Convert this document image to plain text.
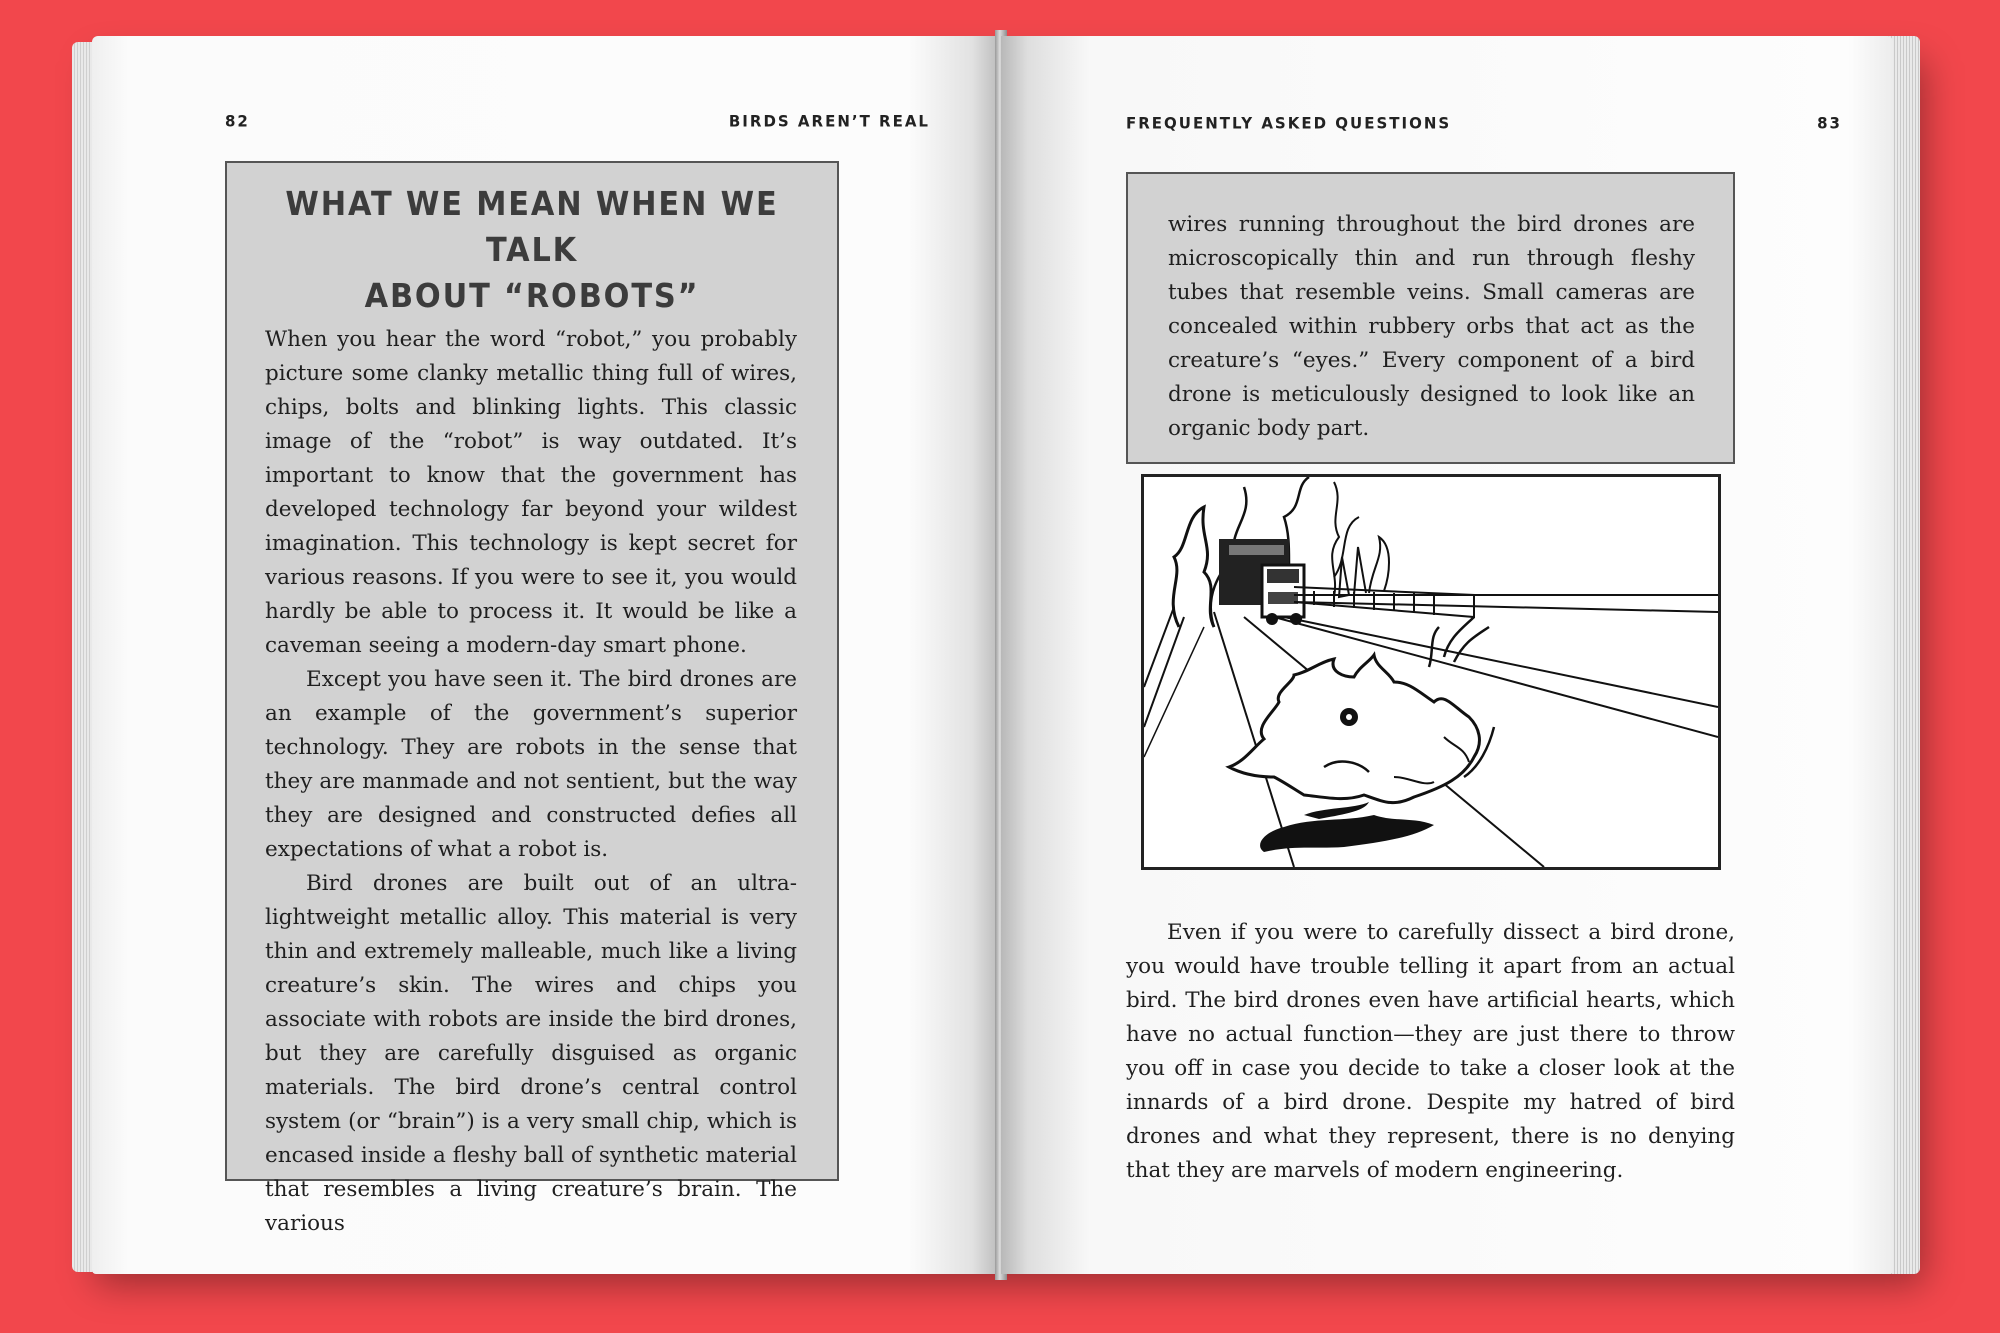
82	BIRDS AREN’T REAL
WHAT WE MEAN WHEN WE TALK
ABOUT “ROBOTS”

When you hear the word “robot,” you probably picture some clanky metallic thing full of wires, chips, bolts and blinking lights. This classic image of the “robot” is way outdated. It’s important to know that the government has developed technology far beyond your wildest imagination. This technology is kept secret for various reasons. If you were to see it, you would hardly be able to process it. It would be like a caveman seeing a modern-day smart phone.

Except you have seen it. The bird drones are an example of the government’s superior technology. They are robots in the sense that they are manmade and not sentient, but the way they are designed and constructed defies all expectations of what a robot is.

Bird drones are built out of an ultra-lightweight metallic alloy. This material is very thin and extremely malleable, much like a living creature’s skin. The wires and chips you associate with robots are inside the bird drones, but they are carefully disguised as organic materials. The bird drone’s central control system (or “brain”) is a very small chip, which is encased inside a fleshy ball of synthetic material that resembles a living creature’s brain. The various

FREQUENTLY ASKED QUESTIONS	83
wires running throughout the bird drones are microscopically thin and run through fleshy tubes that resemble veins. Small cameras are concealed within rubbery orbs that act as the creature’s “eyes.” Every component of a bird drone is meticulously designed to look like an organic body part.

Even if you were to carefully dissect a bird drone, you would have trouble telling it apart from an actual bird. The bird drones even have artificial hearts, which have no actual function—they are just there to throw you off in case you decide to take a closer look at the innards of a bird drone. Despite my hatred of bird drones and what they represent, there is no denying that they are marvels of modern engineering.
